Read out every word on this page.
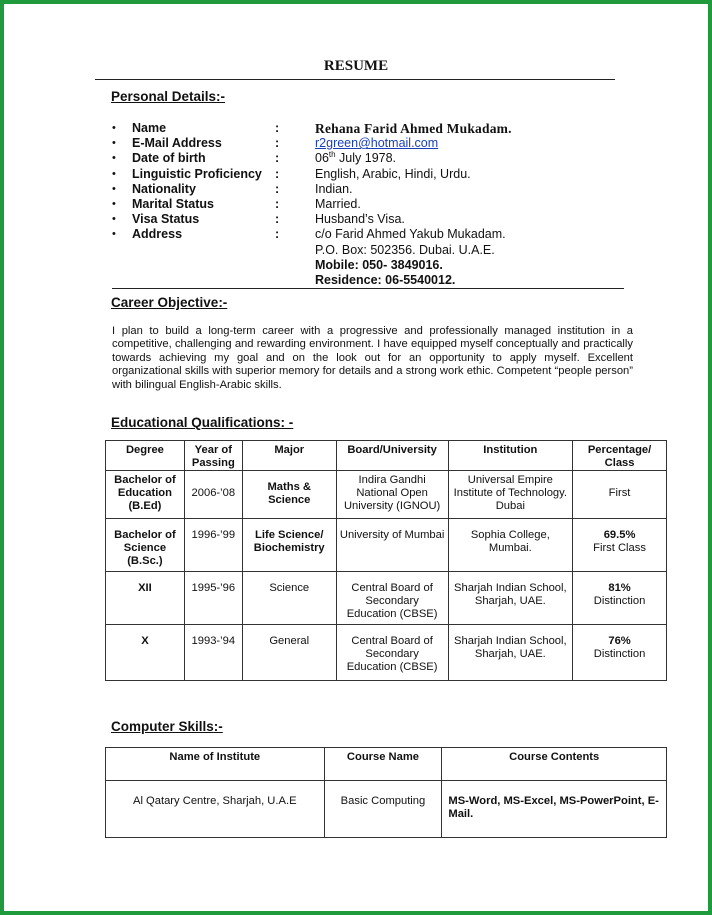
RESUME
Personal Details:-
• Name	:	Rehana Farid Ahmed Mukadam.
• E-Mail Address	:	r2green@hotmail.com
• Date of birth	:	06th July 1978.
• Linguistic Proficiency :	English, Arabic, Hindi, Urdu.
• Nationality	:	Indian.
• Marital Status	:	Married.
• Visa Status	:	Husband’s Visa.
• Address	:	c/o Farid Ahmed Yakub Mukadam.
P.O. Box: 502356. Dubai. U.A.E.
Mobile: 050- 3849016.
Residence: 06-5540012.
Career Objective:-
I plan to build a long-term career with a progressive and professionally managed institution in a competitive, challenging and rewarding environment. I have equipped myself conceptually and practically towards achieving my goal and on the look out for an opportunity to apply myself. Excellent organizational skills with superior memory for details and a strong work ethic. Competent “people person” with bilingual English-Arabic skills.
Educational Qualifications: -
Degree	Year of Passing	Major	Board/University	Institution	Percentage/ Class
Bachelor of Education (B.Ed)	2006-’08	Maths & Science	Indira Gandhi National Open University (IGNOU)	Universal Empire Institute of Technology. Dubai	First
Bachelor of Science (B.Sc.)	1996-’99	Life Science/ Biochemistry	University of Mumbai	Sophia College, Mumbai.	69.5%
First Class

XII	1995-’96	Science	Central Board of Secondary Education (CBSE)	Sharjah Indian School, Sharjah, UAE.	81%
Distinction

X	1993-’94	General	Central Board of Secondary Education (CBSE)	Sharjah Indian School, Sharjah, UAE.	76%
Distinction
Computer Skills:-
Name of Institute	Course Name	Course Contents
Al Qatary Centre, Sharjah, U.A.E	Basic Computing	MS-Word, MS-Excel, MS-PowerPoint, E-Mail.
